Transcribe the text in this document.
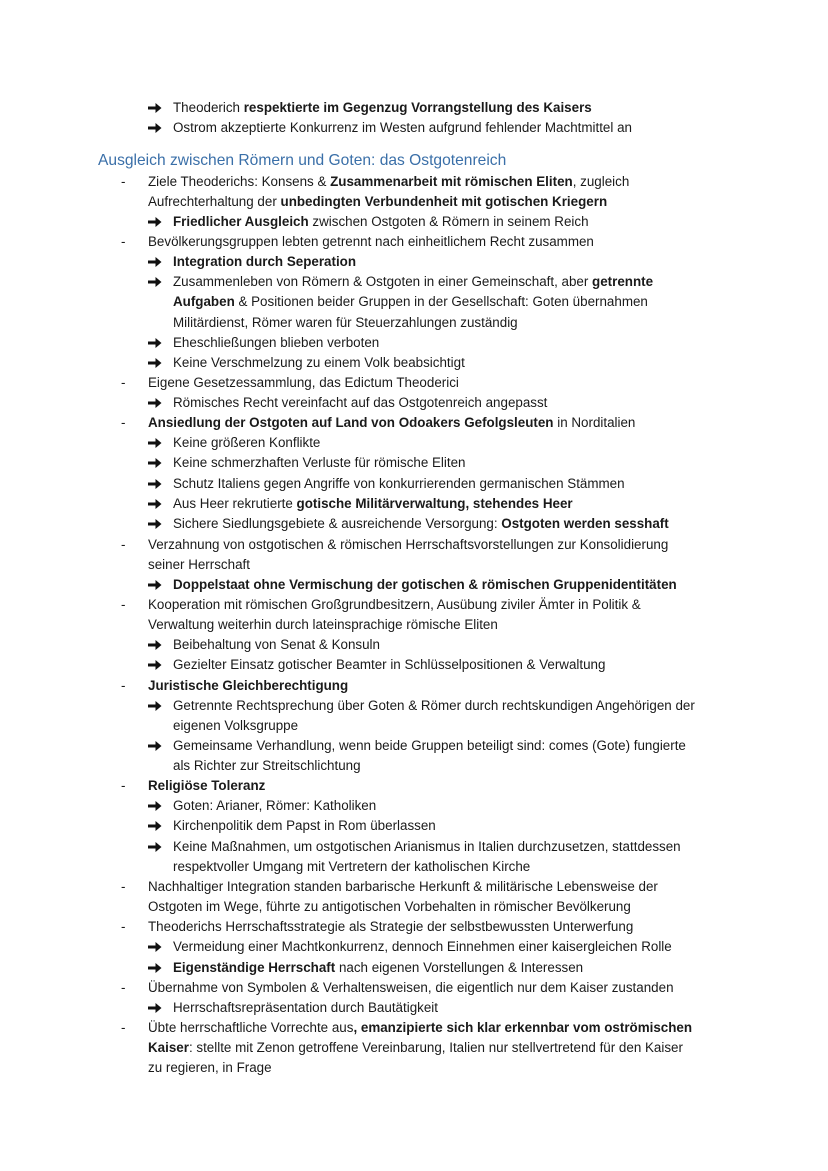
Theoderich respektierte im Gegenzug Vorrangstellung des Kaisers
Ostrom akzeptierte Konkurrenz im Westen aufgrund fehlender Machtmittel an
Ausgleich zwischen Römern und Goten: das Ostgotenreich
-
-
-
-
-
-
-
-
-
-
-
-
Ziele Theoderichs: Konsens & Zusammenarbeit mit römischen Eliten, zugleich
Aufrechterhaltung der unbedingten Verbundenheit mit gotischen Kriegern
Friedlicher Ausgleich zwischen Ostgoten & Römern in seinem Reich
Bevölkerungsgruppen lebten getrennt nach einheitlichem Recht zusammen
Integration durch Seperation
Zusammenleben von Römern & Ostgoten in einer Gemeinschaft, aber getrennte
Aufgaben & Positionen beider Gruppen in der Gesellschaft: Goten übernahmen
Militärdienst, Römer waren für Steuerzahlungen zuständig
Eheschließungen blieben verboten
Keine Verschmelzung zu einem Volk beabsichtigt
Eigene Gesetzessammlung, das Edictum Theoderici
Römisches Recht vereinfacht auf das Ostgotenreich angepasst
Ansiedlung der Ostgoten auf Land von Odoakers Gefolgsleuten in Norditalien
Keine größeren Konflikte
Keine schmerzhaften Verluste für römische Eliten
Schutz Italiens gegen Angriffe von konkurrierenden germanischen Stämmen
Aus Heer rekrutierte gotische Militärverwaltung, stehendes Heer
Sichere Siedlungsgebiete & ausreichende Versorgung: Ostgoten werden sesshaft
Verzahnung von ostgotischen & römischen Herrschaftsvorstellungen zur Konsolidierung
seiner Herrschaft
Doppelstaat ohne Vermischung der gotischen & römischen Gruppenidentitäten
Kooperation mit römischen Großgrundbesitzern, Ausübung ziviler Ämter in Politik &
Verwaltung weiterhin durch lateinsprachige römische Eliten
Beibehaltung von Senat & Konsuln
Gezielter Einsatz gotischer Beamter in Schlüsselpositionen & Verwaltung
Juristische Gleichberechtigung
Getrennte Rechtsprechung über Goten & Römer durch rechtskundigen Angehörigen der
eigenen Volksgruppe
Gemeinsame Verhandlung, wenn beide Gruppen beteiligt sind: comes (Gote) fungierte
als Richter zur Streitschlichtung
Religiöse Toleranz
Goten: Arianer, Römer: Katholiken
Kirchenpolitik dem Papst in Rom überlassen
Keine Maßnahmen, um ostgotischen Arianismus in Italien durchzusetzen, stattdessen
respektvoller Umgang mit Vertretern der katholischen Kirche
Nachhaltiger Integration standen barbarische Herkunft & militärische Lebensweise der
Ostgoten im Wege, führte zu antigotischen Vorbehalten in römischer Bevölkerung
Theoderichs Herrschaftsstrategie als Strategie der selbstbewussten Unterwerfung
Vermeidung einer Machtkonkurrenz, dennoch Einnehmen einer kaisergleichen Rolle
Eigenständige Herrschaft nach eigenen Vorstellungen & Interessen
Übernahme von Symbolen & Verhaltensweisen, die eigentlich nur dem Kaiser zustanden
Herrschaftsrepräsentation durch Bautätigkeit
Übte herrschaftliche Vorrechte aus, emanzipierte sich klar erkennbar vom oströmischen
Kaiser: stellte mit Zenon getroffene Vereinbarung, Italien nur stellvertretend für den Kaiser
zu regieren, in Frage
